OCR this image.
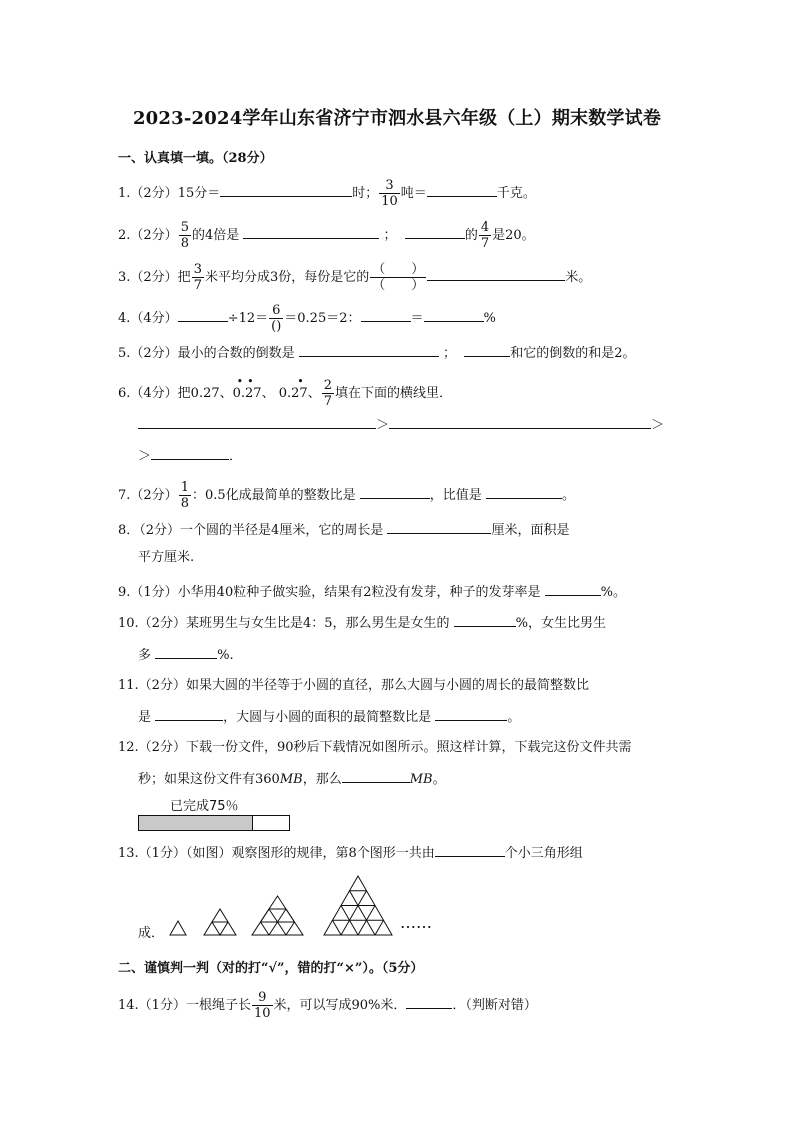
2023-2024学年山东省济宁市泗水县六年级（上）期末数学试卷
一、认真填一填。（28分）
1.（2分）15分＝	时； $\frac{3}{10}$ 吨＝	千克。
2.（2分） $\frac{5}{8}$ 的4倍是	；	的 $\frac{4}{7}$ 是20。
3.（2分）把 $\frac{3}{7}$ 米平均分成3份，每份是它的 $\frac{( )}{( )}$	米。
4.（4分）	$\div 12= \frac{6}{()} =0.25=2$：	＝	%
5.（2分）最小的合数的倒数是	；	和它的倒数的和是2。
6.（4分）把0.27、
••
0.27、
•
0.27、 $\frac{2}{7}$ 填在下面的横线里．
＞	＞
＞	．
7.（2分） $\frac{1}{8}$ ：0.5化成最简单的整数比是	，比值是	。
8．（2分）一个圆的半径是4厘米，它的周长是	厘米，面积是
平方厘米.
9.（1分）小华用40粒种子做实验，结果有2粒没有发芽，种子的发芽率是	%。
10.（2分）某班男生与女生比是4：5，那么男生是女生的	%，女生比男生
多	%.
11.（2分）如果大圆的半径等于小圆的直径，那么大圆与小圆的周长的最简整数比
是	，大圆与小圆的面积的最简整数比是	。
12.（2分）下载一份文件，90秒后下载情况如图所示。照这样计算，下载完这份文件共需
秒；如果这份文件有360MB，那么	MB。
已完成75％
13.（1分）（如图）观察图形的规律，第8个图形一共由	个小三角形组
成．
……
二、谨慎判一判（对的打“√”，错的打“×”）。（5分）
14.（1分）一根绳子长 $\frac{9}{10}$ 米，可以写成90%米．	．（判断对错）
